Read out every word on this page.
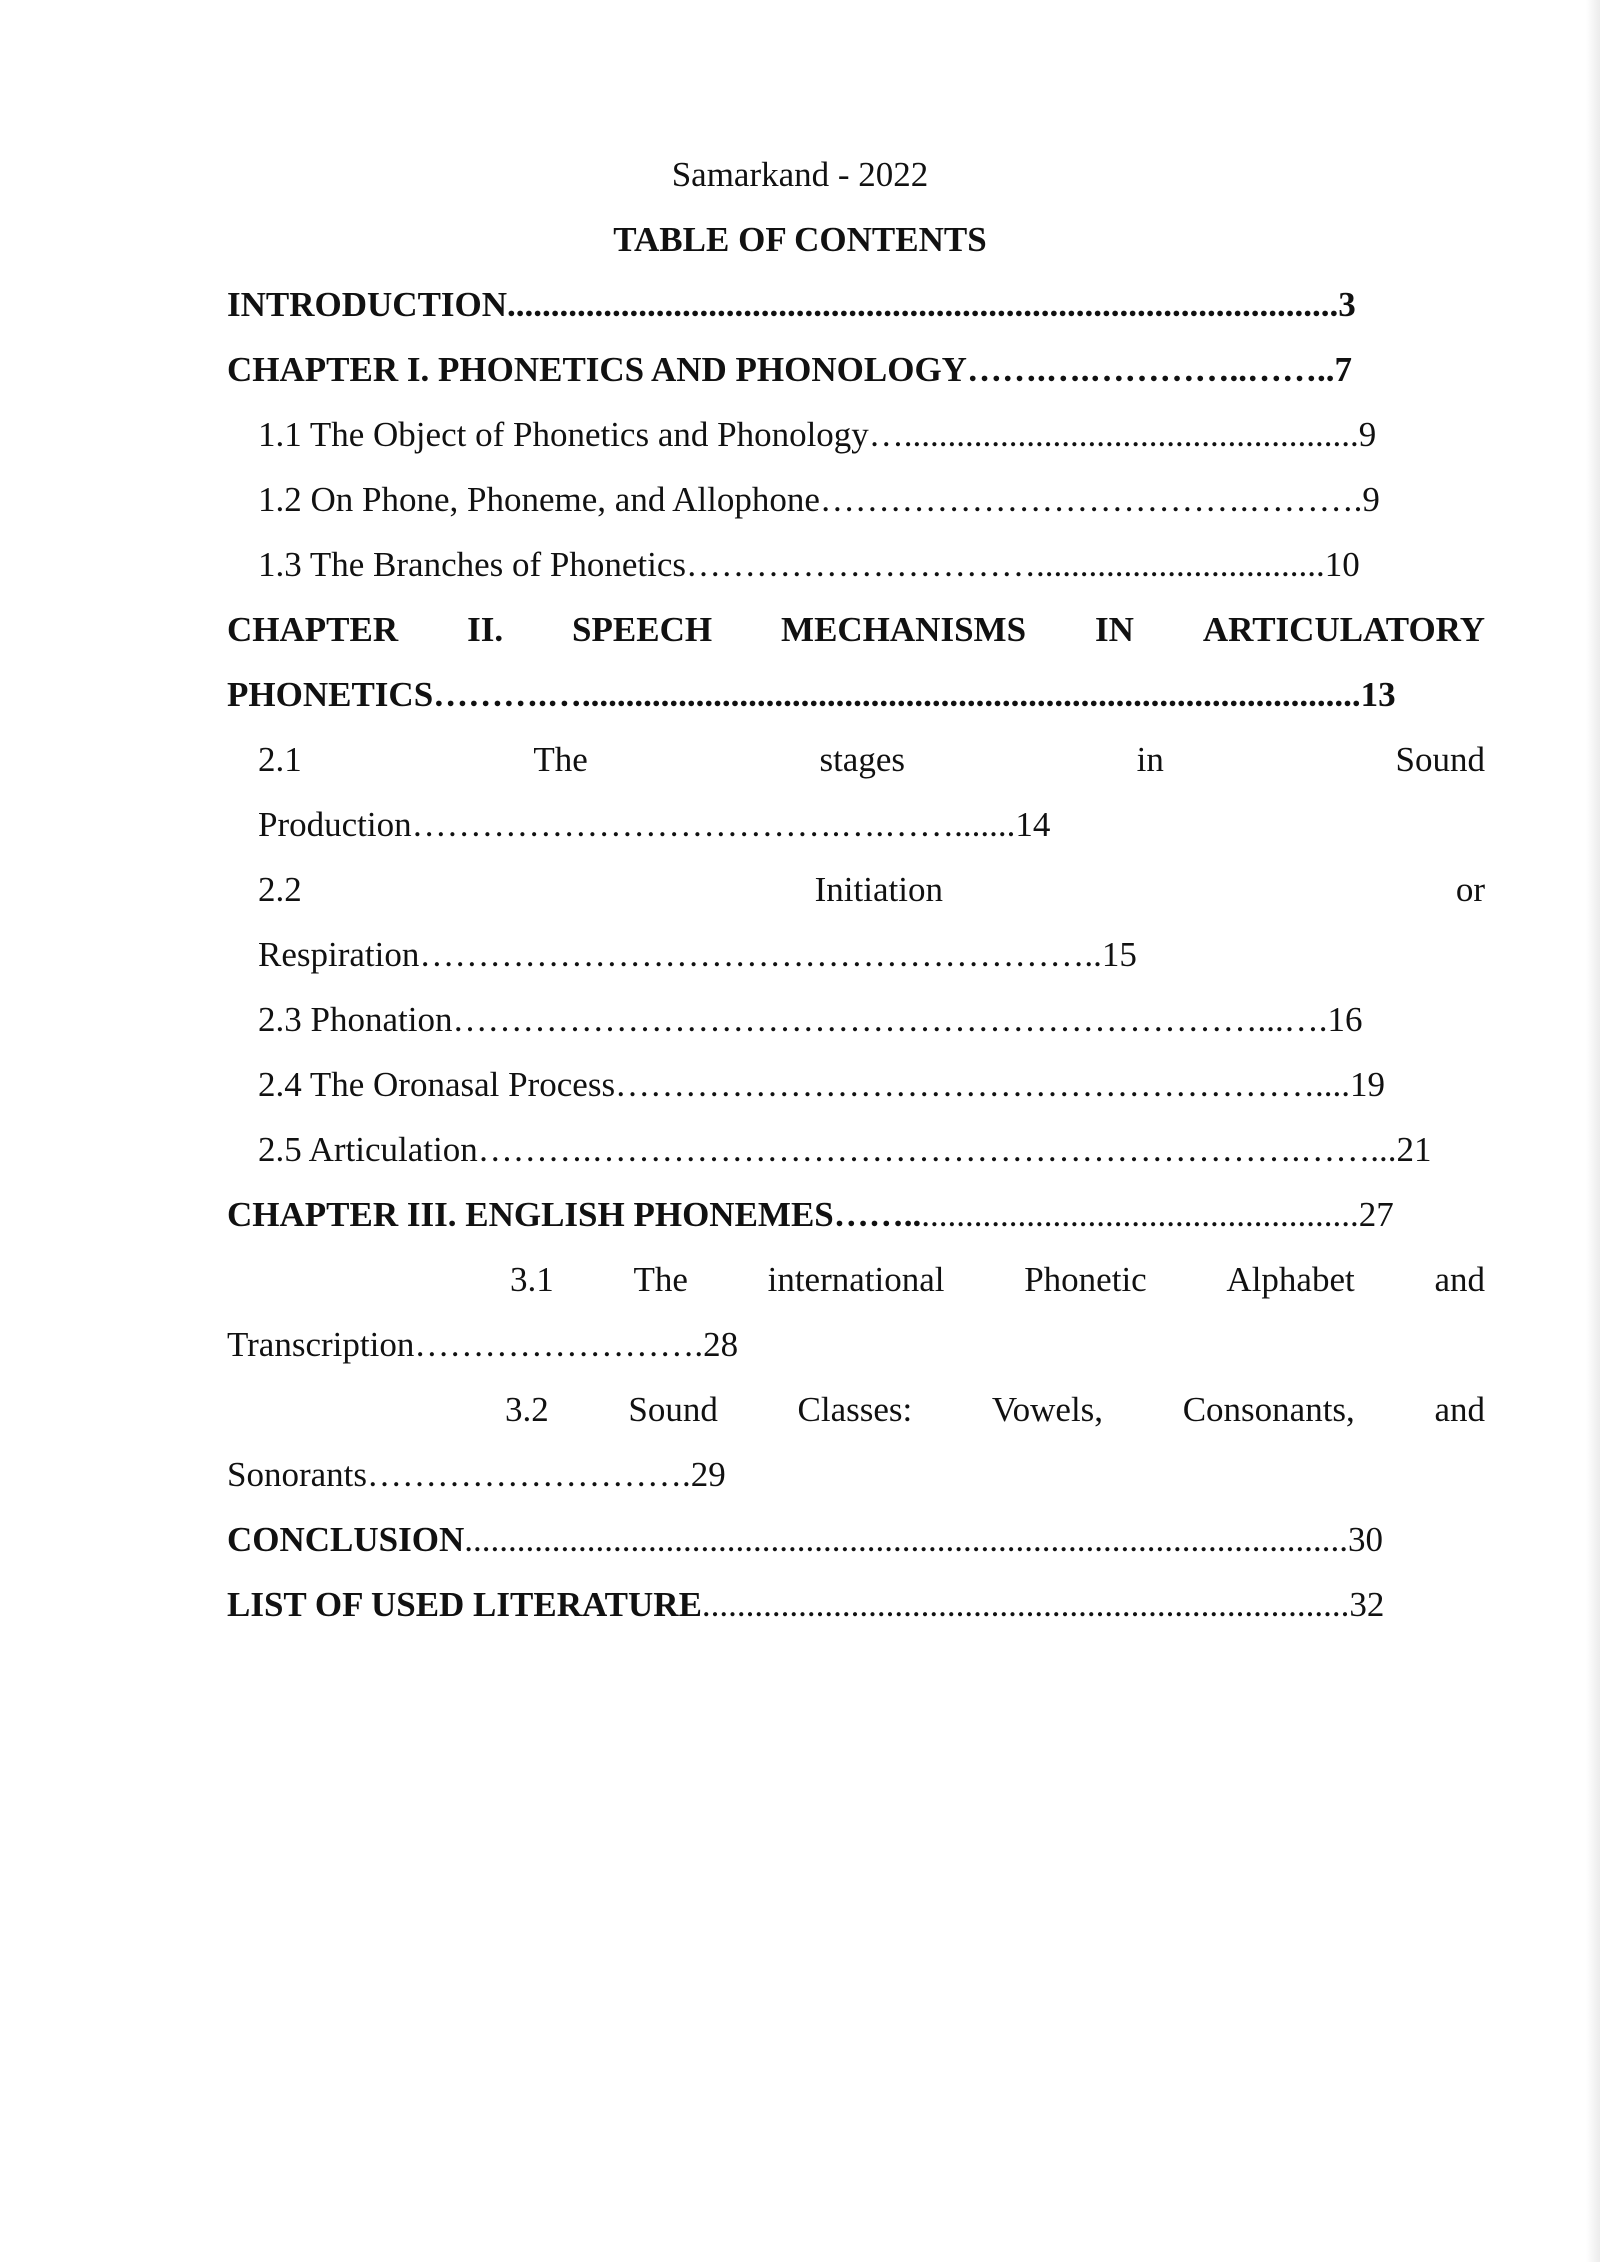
Samarkand - 2022
TABLE OF CONTENTS
INTRODUCTION...............................................................................................3
CHAPTER I. PHONETICS AND PHONOLOGY…….….…………..……..7
1.1 The Object of Phonetics and Phonology…....................................................9
1.2 On Phone, Phoneme, and Allophone……………………………….……….9
1.3 The Branches of Phonetics………………………….................................10
CHAPTER II. SPEECH MECHANISMS IN ARTICULATORY
PHONETICS……….….........................................................................................13
2.1	The	stages	in	Sound
Production……………………………….….…….......14
2.2	Initiation	or
Respiration…………………………………………………..15
2.3 Phonation……………………………………………………………...….16
2.4 The Oronasal Process……………………………………………………....19
2.5 Articulation……….…………………………………………………….……...21
CHAPTER III. ENGLISH PHONEMES……....................................................27
3.1 The international Phonetic Alphabet and
Transcription…………………….28
3.2 Sound Classes: Vowels, Consonants, and
Sonorants……………………….29
CONCLUSION.....................................................................................................30
LIST OF USED LITERATURE..........................................................................32
